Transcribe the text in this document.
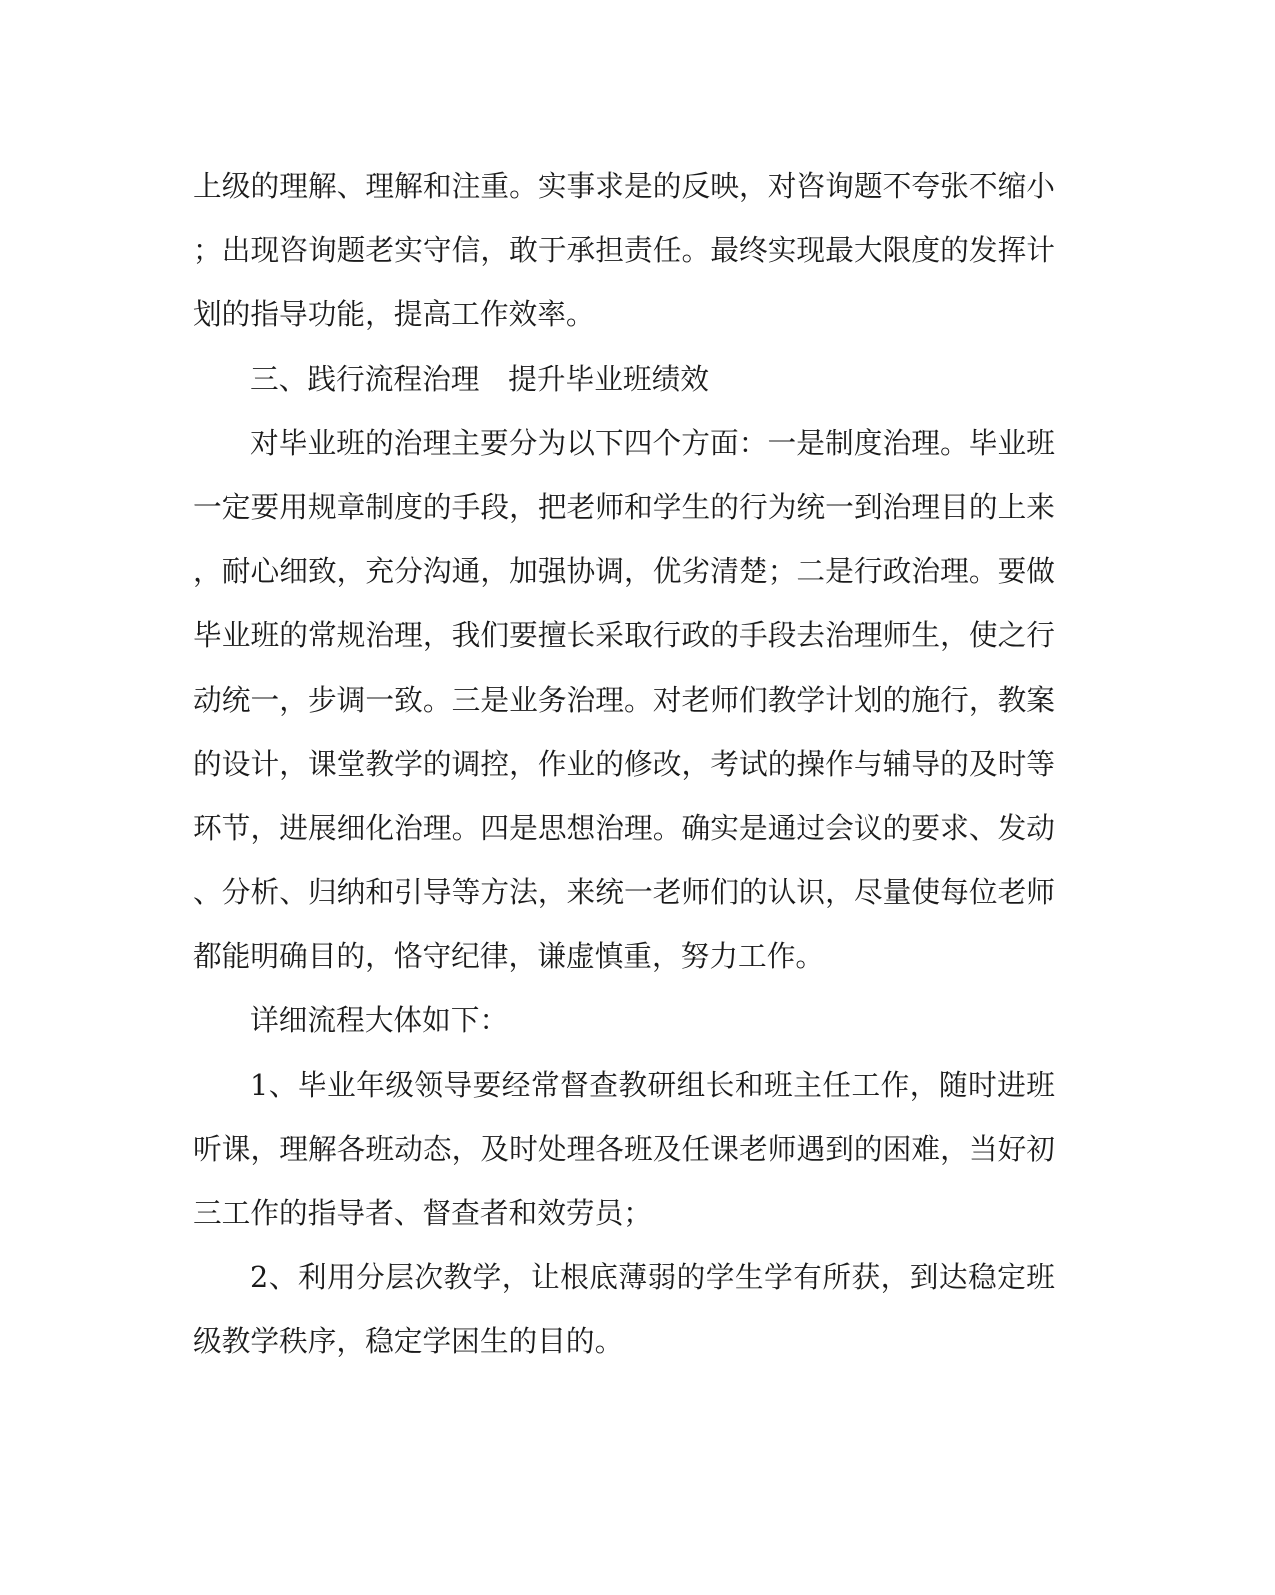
上级的理解、理解和注重。实事求是的反映，对咨询题不夸张不缩小
；出现咨询题老实守信，敢于承担责任。最终实现最大限度的发挥计
划的指导功能，提高工作效率。
三、践行流程治理　提升毕业班绩效
对毕业班的治理主要分为以下四个方面：一是制度治理。毕业班
一定要用规章制度的手段，把老师和学生的行为统一到治理目的上来
，耐心细致，充分沟通，加强协调，优劣清楚；二是行政治理。要做
毕业班的常规治理，我们要擅长采取行政的手段去治理师生，使之行
动统一，步调一致。三是业务治理。对老师们教学计划的施行，教案
的设计，课堂教学的调控，作业的修改，考试的操作与辅导的及时等
环节，进展细化治理。四是思想治理。确实是通过会议的要求、发动
、分析、归纳和引导等方法，来统一老师们的认识，尽量使每位老师
都能明确目的，恪守纪律，谦虚慎重，努力工作。
详细流程大体如下：
1、毕业年级领导要经常督查教研组长和班主任工作，随时进班
听课，理解各班动态，及时处理各班及任课老师遇到的困难，当好初
三工作的指导者、督查者和效劳员；
2、利用分层次教学，让根底薄弱的学生学有所获，到达稳定班
级教学秩序，稳定学困生的目的。
